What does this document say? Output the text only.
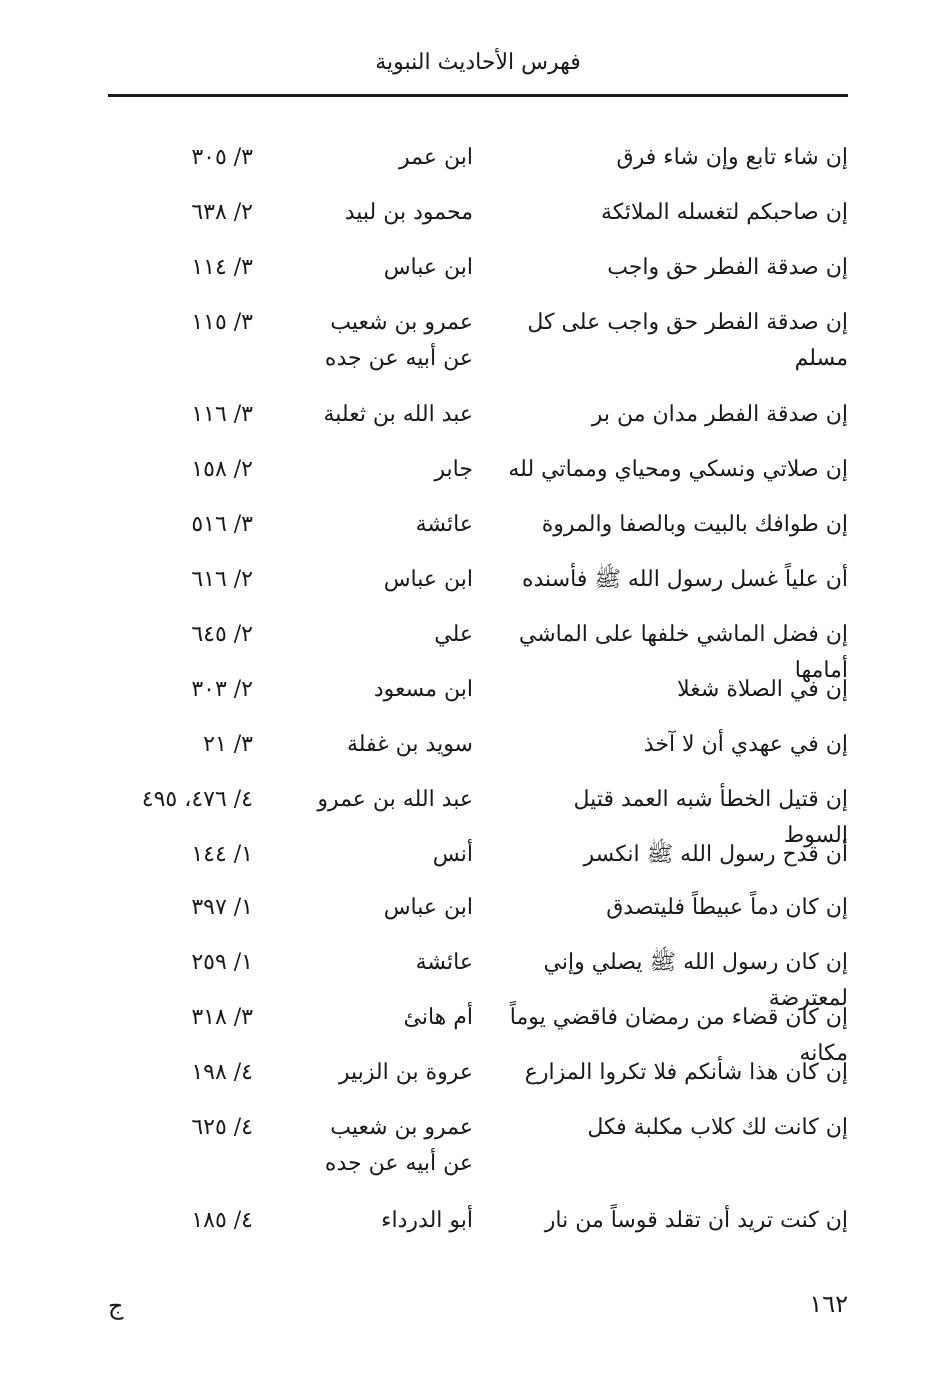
فهرس الأحاديث النبوية
إن شاء تابع وإن شاء فرق
ابن عمر
٣/ ٣٠٥
إن صاحبكم لتغسله الملائكة
محمود بن لبيد
٢/ ٦٣٨
إن صدقة الفطر حق واجب
ابن عباس
٣/ ١١٤
إن صدقة الفطر حق واجب على كل مسلم
عمرو بن شعيب
عن أبيه عن جده
٣/ ١١٥
إن صدقة الفطر مدان من بر
عبد الله بن ثعلبة
٣/ ١١٦
إن صلاتي ونسكي ومحياي ومماتي لله
جابر
٢/ ١٥٨
إن طوافك بالبيت وبالصفا والمروة
عائشة
٣/ ٥١٦
أن علياً غسل رسول الله ﷺ فأسنده
ابن عباس
٢/ ٦١٦
إن فضل الماشي خلفها على الماشي أمامها
علي
٢/ ٦٤٥
إن في الصلاة شغلا
ابن مسعود
٢/ ٣٠٣
إن في عهدي أن لا آخذ
سويد بن غفلة
٣/ ٢١
إن قتيل الخطأ شبه العمد قتيل السوط
عبد الله بن عمرو
٤/ ٤٧٦، ٤٩٥
أن قدح رسول الله ﷺ انكسر
أنس
١/ ١٤٤
إن كان دماً عبيطاً فليتصدق
ابن عباس
١/ ٣٩٧
إن كان رسول الله ﷺ يصلي وإني لمعترضة
عائشة
١/ ٢٥٩
إن كان قضاء من رمضان فاقضي يوماً مكانه
أم هانئ
٣/ ٣١٨
إن كان هذا شأنكم فلا تكروا المزارع
عروة بن الزبير
٤/ ١٩٨
إن كانت لك كلاب مكلبة فكل
عمرو بن شعيب
عن أبيه عن جده
٤/ ٦٢٥
إن كنت تريد أن تقلد قوساً من نار
أبو الدرداء
٤/ ١٨٥
١٦٢
ج
